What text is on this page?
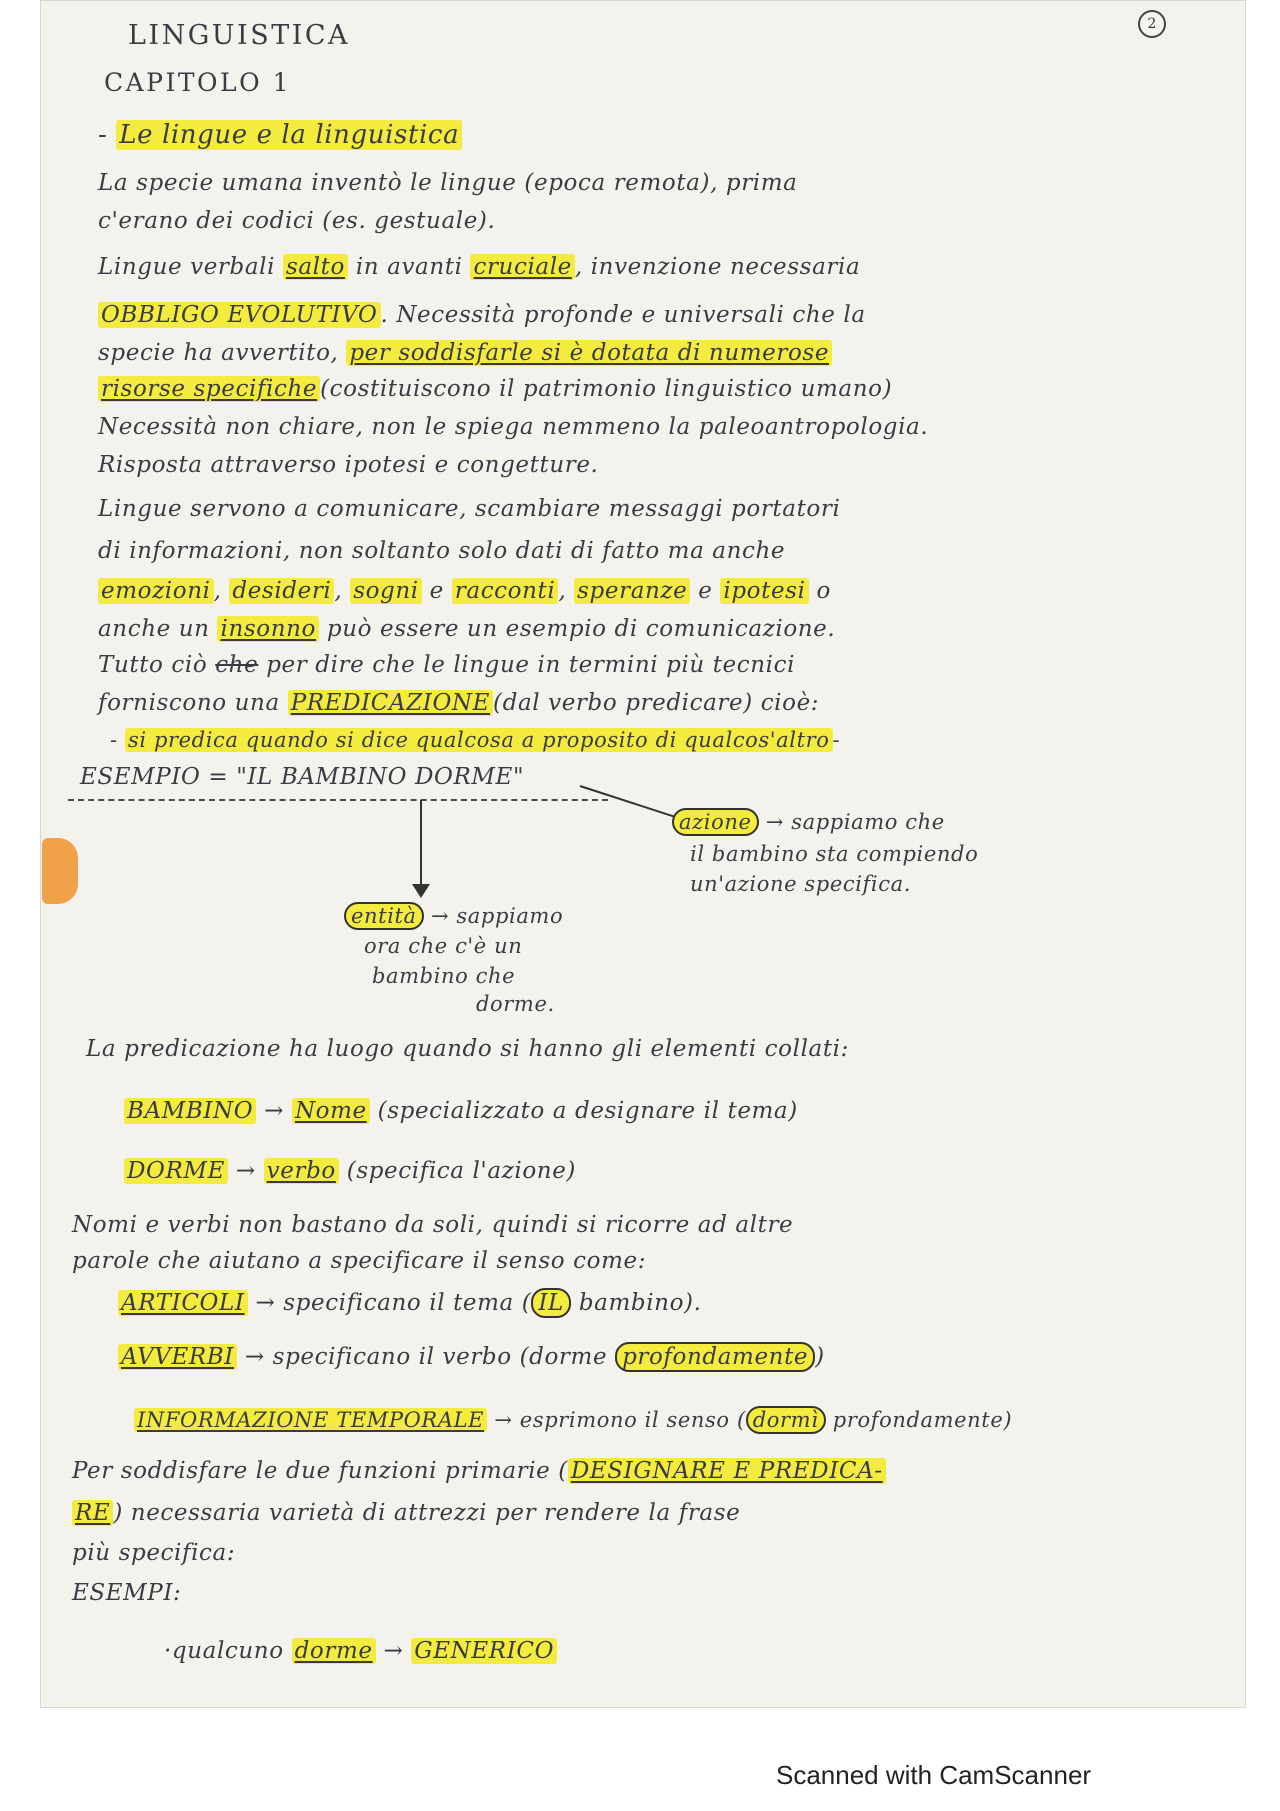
2
LINGUISTICA
CAPITOLO 1
- Le lingue e la linguistica
La specie umana inventò le lingue (epoca remota), prima
c'erano dei codici (es. gestuale).
Lingue verbali salto in avanti cruciale , invenzione necessaria
OBBLIGO EVOLUTIVO . Necessità profonde e universali che la
specie ha avvertito, per soddisfarle si è dotata di numerose
risorse specifiche (costituiscono il patrimonio linguistico umano)
Necessità non chiare, non le spiega nemmeno la paleoantropologia.
Risposta attraverso ipotesi e congetture.
Lingue servono a comunicare, scambiare messaggi portatori
di informazioni, non soltanto solo dati di fatto ma anche
emozioni , desideri , sogni e racconti , speranze e ipotesi o
anche un insonno può essere un esempio di comunicazione.
Tutto ciò che per dire che le lingue in termini più tecnici
forniscono una PREDICAZIONE (dal verbo predicare) cioè:
- si predica quando si dice qualcosa a proposito di qualcos'altro -
ESEMPIO = "IL BAMBINO DORME"
azione → sappiamo che
il bambino sta compiendo
un'azione specifica.
entità → sappiamo
ora che c'è un
bambino che
dorme.
La predicazione ha luogo quando si hanno gli elementi collati:
BAMBINO → Nome (specializzato a designare il tema)
DORME → verbo (specifica l'azione)
Nomi e verbi non bastano da soli, quindi si ricorre ad altre
parole che aiutano a specificare il senso come:
ARTICOLI → specificano il tema ( IL bambino).
AVVERBI → specificano il verbo (dorme profondamente )
INFORMAZIONE TEMPORALE → esprimono il senso ( dormì profondamente)
Per soddisfare le due funzioni primarie ( DESIGNARE E PREDICA-
RE ) necessaria varietà di attrezzi per rendere la frase
più specifica:
ESEMPI:
·qualcuno dorme → GENERICO
Scanned with CamScanner
